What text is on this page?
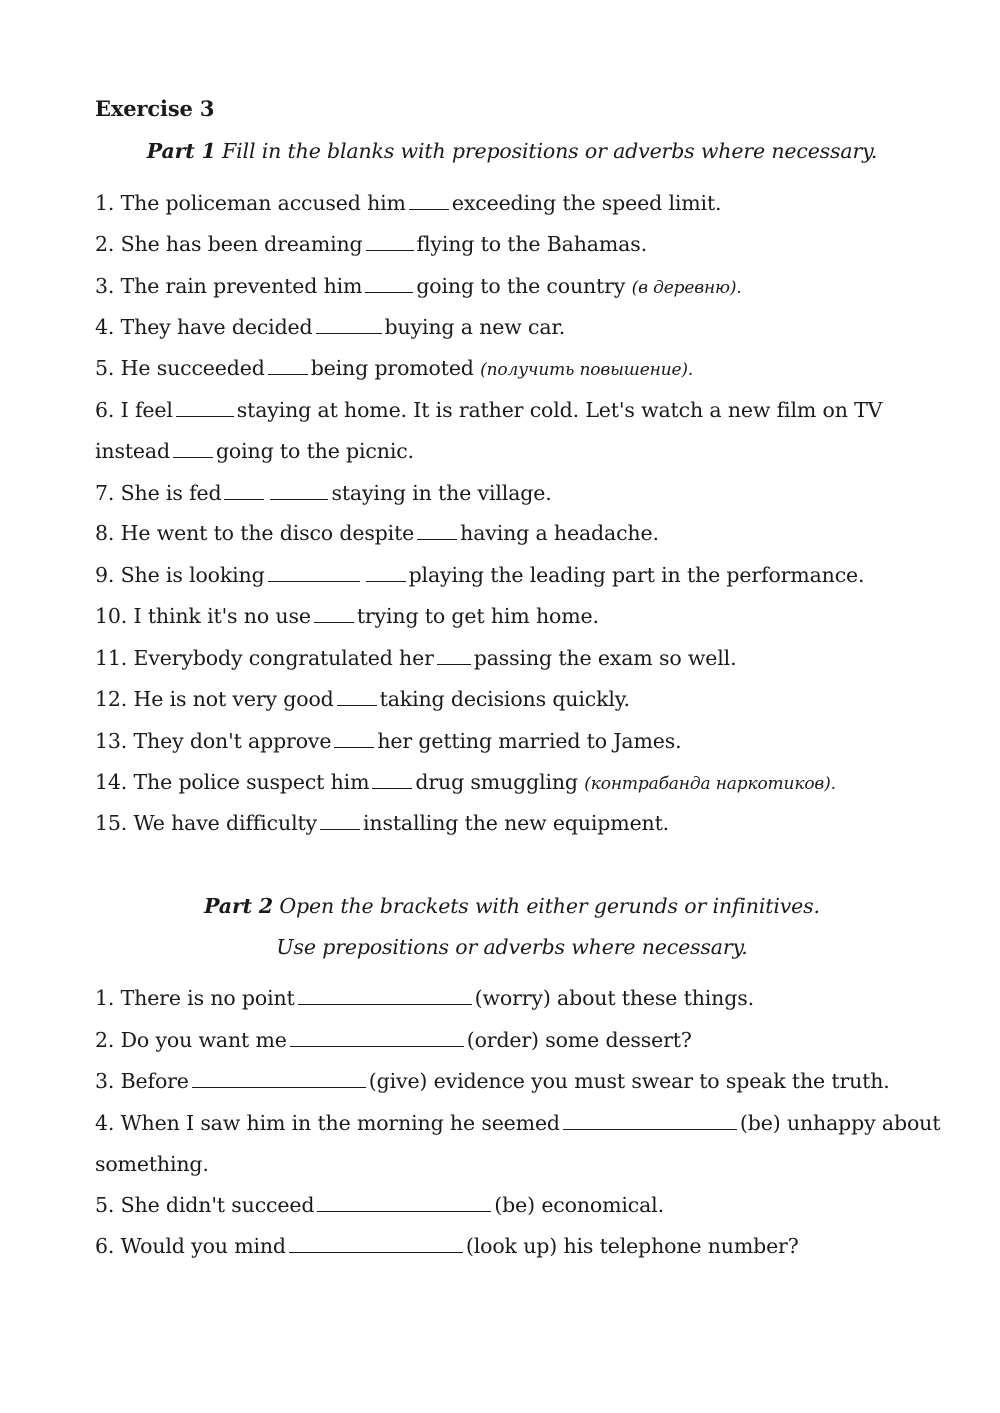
Exercise 3
Part 1 Fill in the blanks with prepositions or adverbs where necessary.
1. The policeman accused him exceeding the speed limit.
2. She has been dreaming	flying to the Bahamas.
3. The rain prevented him	going to the country (в деревню).
4. They have decided	buying a new car.
5. He succeeded being promoted (получить повышение).
6. I feel	staying at home. It is rather cold. Let's watch a new film on TV
instead going to the picnic.
7. She is fed	staying in the village.
8. He went to the disco despite having a headache.
9. She is looking	playing the leading part in the performance.
10. I think it's no use trying to get him home.
11. Everybody congratulated her passing the exam so well.
12. He is not very good taking decisions quickly.
13. They don't approve her getting married to James.
14. The police suspect him drug smuggling (контрабанда наркотиков).
15. We have difficulty installing the new equipment.
Part 2 Open the brackets with either gerunds or infinitives.
Use prepositions or adverbs where necessary.
1. There is no point	(worry) about these things.
2. Do you want me	(order) some dessert?
3. Before	(give) evidence you must swear to speak the truth.
4. When I saw him in the morning he seemed	(be) unhappy about
something.
5. She didn't succeed	(be) economical.
6. Would you mind	(look up) his telephone number?
